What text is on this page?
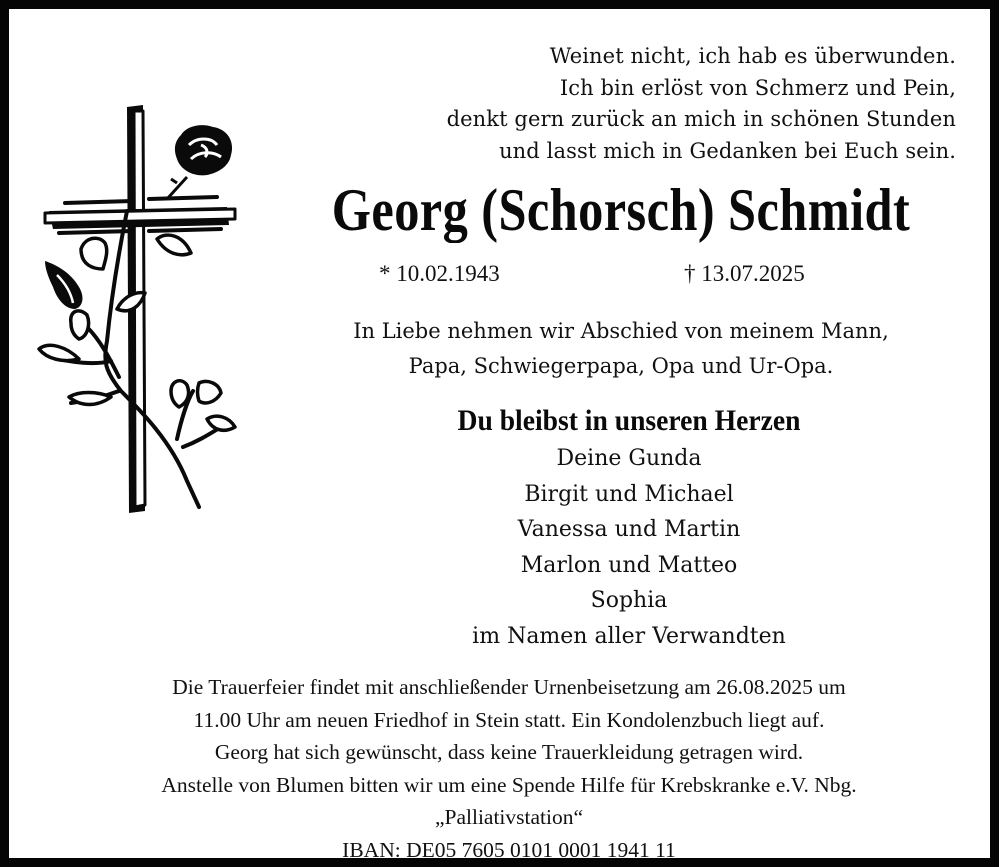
Weinet nicht, ich hab es überwunden.
Ich bin erlöst von Schmerz und Pein,
denkt gern zurück an mich in schönen Stunden
und lasst mich in Gedanken bei Euch sein.
Georg (Schorsch) Schmidt
* 10.02.1943	† 13.07.2025
In Liebe nehmen wir Abschied von meinem Mann,
Papa, Schwiegerpapa, Opa und Ur-Opa.
Du bleibst in unseren Herzen
Deine Gunda
Birgit und Michael
Vanessa und Martin
Marlon und Matteo
Sophia
im Namen aller Verwandten
Die Trauerfeier findet mit anschließender Urnenbeisetzung am 26.08.2025 um
11.00 Uhr am neuen Friedhof in Stein statt. Ein Kondolenzbuch liegt auf.
Georg hat sich gewünscht, dass keine Trauerkleidung getragen wird.
Anstelle von Blumen bitten wir um eine Spende Hilfe für Krebskranke e.V. Nbg.
„Palliativstation“
IBAN: DE05 7605 0101 0001 1941 11
